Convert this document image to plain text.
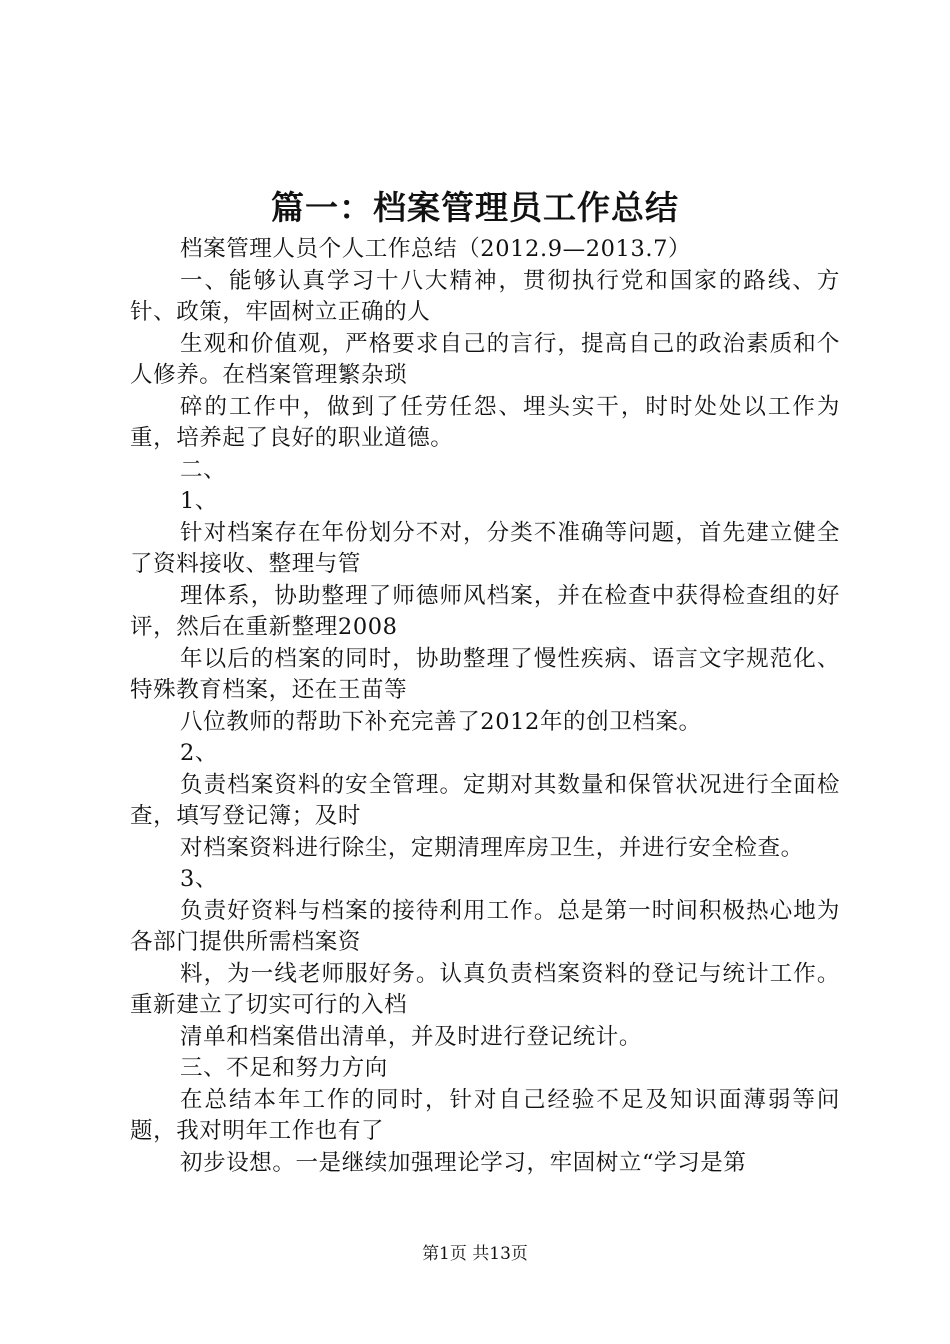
篇一：档案管理员工作总结

档案管理人员个人工作总结（2012.9—2013.7）

一、能够认真学习十八大精神，贯彻执行党和国家的路线、方针、政策，牢固树立正确的人

生观和价值观，严格要求自己的言行，提高自己的政治素质和个人修养。在档案管理繁杂琐

碎的工作中，做到了任劳任怨、埋头实干，时时处处以工作为重，培养起了良好的职业道德。

二、

1、

针对档案存在年份划分不对，分类不准确等问题，首先建立健全了资料接收、整理与管

理体系，协助整理了师德师风档案，并在检查中获得检查组的好评，然后在重新整理2008

年以后的档案的同时，协助整理了慢性疾病、语言文字规范化、特殊教育档案，还在王苗等

八位教师的帮助下补充完善了2012年的创卫档案。

2、

负责档案资料的安全管理。定期对其数量和保管状况进行全面检查，填写登记簿；及时

对档案资料进行除尘，定期清理库房卫生，并进行安全检查。

3、

负责好资料与档案的接待利用工作。总是第一时间积极热心地为各部门提供所需档案资

料，为一线老师服好务。认真负责档案资料的登记与统计工作。重新建立了切实可行的入档

清单和档案借出清单，并及时进行登记统计。

三、不足和努力方向

在总结本年工作的同时，针对自己经验不足及知识面薄弱等问题，我对明年工作也有了

初步设想。一是继续加强理论学习，牢固树立“学习是第

第1页 共13页
